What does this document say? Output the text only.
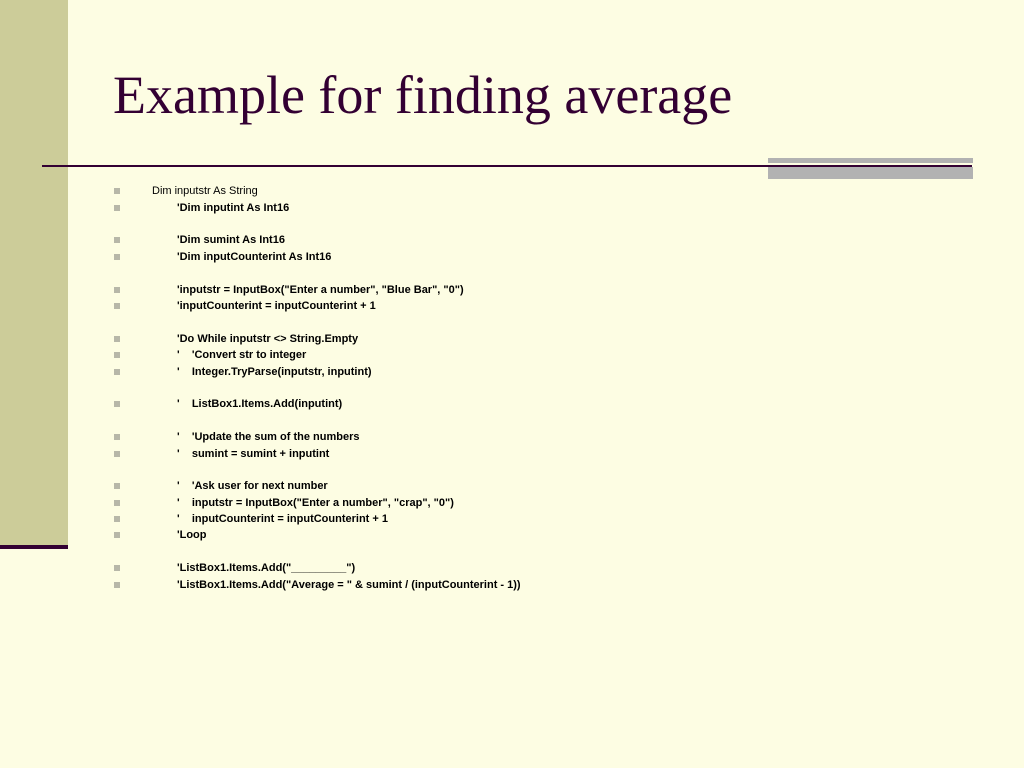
Example for finding average
Dim inputstr As String
'Dim inputint As Int16
'Dim sumint As Int16
'Dim inputCounterint As Int16
'inputstr = InputBox("Enter a number", "Blue Bar", "0")
'inputCounterint = inputCounterint + 1
'Do While inputstr <> String.Empty
'    'Convert str to integer
'    Integer.TryParse(inputstr, inputint)
'    ListBox1.Items.Add(inputint)
'    'Update the sum of the numbers
'    sumint = sumint + inputint
'    'Ask user for next number
'    inputstr = InputBox("Enter a number", "crap", "0")
'    inputCounterint = inputCounterint + 1
'Loop
'ListBox1.Items.Add("_________")
'ListBox1.Items.Add("Average = " & sumint / (inputCounterint - 1))
